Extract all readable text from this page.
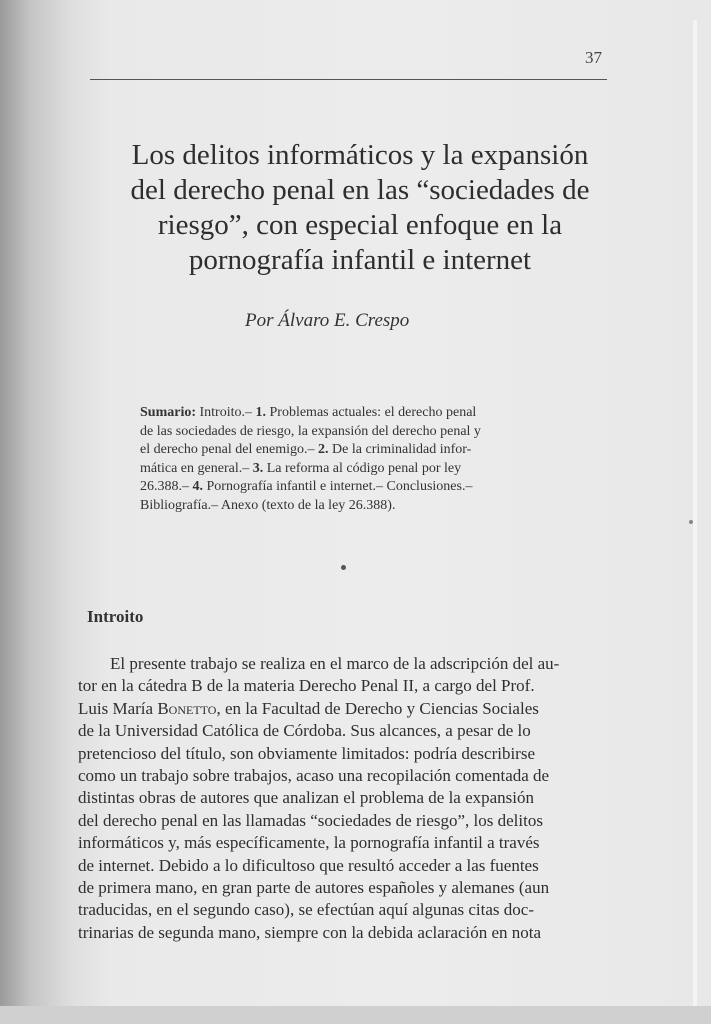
37
Los delitos informáticos y la expansión
del derecho penal en las “sociedades de
riesgo”, con especial enfoque en la
pornografía infantil e internet
Por Álvaro E. Crespo
Sumario: Introito.– 1. Problemas actuales: el derecho penal
de las sociedades de riesgo, la expansión del derecho penal y
el derecho penal del enemigo.– 2. De la criminalidad infor-
mática en general.– 3. La reforma al código penal por ley
26.388.– 4. Pornografía infantil e internet.– Conclusiones.–
Bibliografía.– Anexo (texto de la ley 26.388).
Introito
El presente trabajo se realiza en el marco de la adscripción del au-
tor en la cátedra B de la materia Derecho Penal II, a cargo del Prof.
Luis María Bonetto, en la Facultad de Derecho y Ciencias Sociales
de la Universidad Católica de Córdoba. Sus alcances, a pesar de lo
pretencioso del título, son obviamente limitados: podría describirse
como un trabajo sobre trabajos, acaso una recopilación comentada de
distintas obras de autores que analizan el problema de la expansión
del derecho penal en las llamadas “sociedades de riesgo”, los delitos
informáticos y, más específicamente, la pornografía infantil a través
de internet. Debido a lo dificultoso que resultó acceder a las fuentes
de primera mano, en gran parte de autores españoles y alemanes (aun
traducidas, en el segundo caso), se efectúan aquí algunas citas doc-
trinarias de segunda mano, siempre con la debida aclaración en nota
